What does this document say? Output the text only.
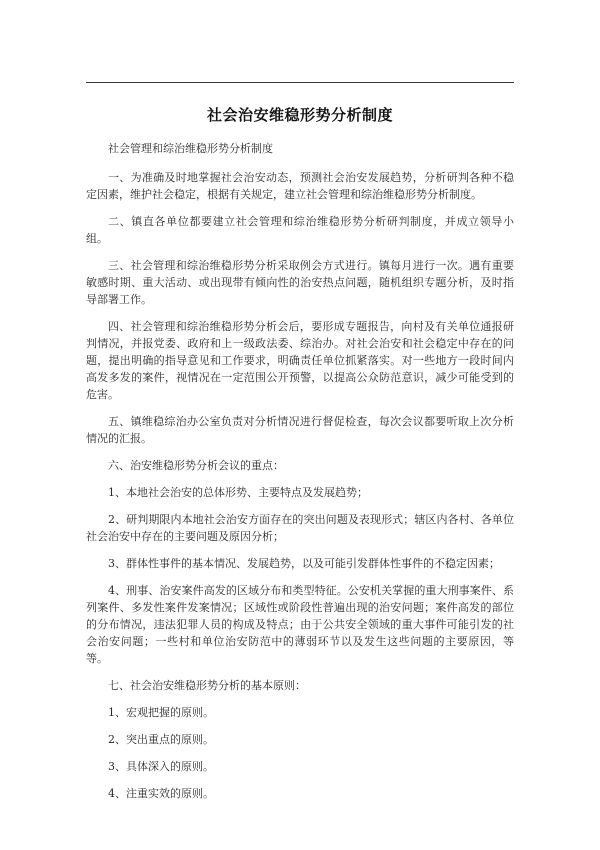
社会治安维稳形势分析制度

社会管理和综治维稳形势分析制度

一、为准确及时地掌握社会治安动态，预测社会治安发展趋势，分析研判各种不稳定因素，维护社会稳定，根据有关规定，建立社会管理和综治维稳形势分析制度。

二、镇直各单位都要建立社会管理和综治维稳形势分析研判制度，并成立领导小组。

三、社会管理和综治维稳形势分析采取例会方式进行。镇每月进行一次。遇有重要敏感时期、重大活动、或出现带有倾向性的治安热点问题，随机组织专题分析，及时指导部署工作。

四、社会管理和综治维稳形势分析会后，要形成专题报告，向村及有关单位通报研判情况，并报党委、政府和上一级政法委、综治办。对社会治安和社会稳定中存在的问题，提出明确的指导意见和工作要求，明确责任单位抓紧落实。对一些地方一段时间内高发多发的案件，视情况在一定范围公开预警，以提高公众防范意识，减少可能受到的危害。

五、镇维稳综治办公室负责对分析情况进行督促检查，每次会议都要听取上次分析情况的汇报。

六、治安维稳形势分析会议的重点：

1、本地社会治安的总体形势、主要特点及发展趋势；

2、研判期限内本地社会治安方面存在的突出问题及表现形式；辖区内各村、各单位社会治安中存在的主要问题及原因分析；

3、群体性事件的基本情况、发展趋势，以及可能引发群体性事件的不稳定因素；

4、刑事、治安案件高发的区域分布和类型特征。公安机关掌握的重大刑事案件、系列案件、多发性案件发案情况；区域性或阶段性普遍出现的治安问题；案件高发的部位的分布情况，违法犯罪人员的构成及特点；由于公共安全领域的重大事件可能引发的社会治安问题；一些村和单位治安防范中的薄弱环节以及发生这些问题的主要原因，等等。

七、社会治安维稳形势分析的基本原则：

1、宏观把握的原则。

2、突出重点的原则。

3、具体深入的原则。

4、注重实效的原则。
